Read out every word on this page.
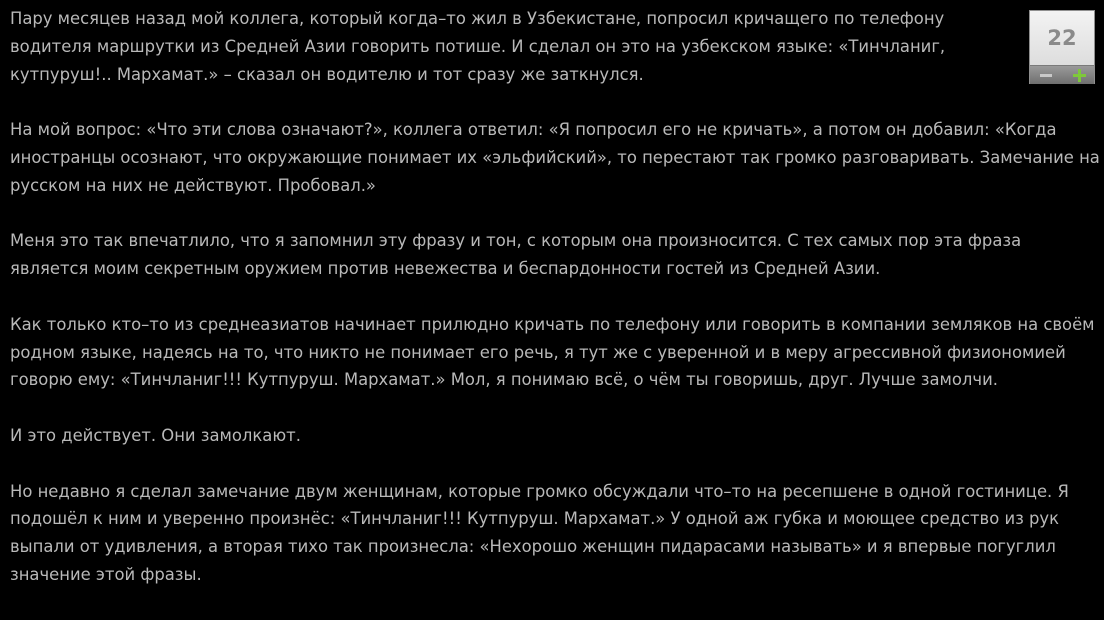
Пару месяцев назад мой коллега, который когда–то жил в Узбекистане, попросил кричащего по телефону водителя маршрутки из Средней Азии говорить потише. И сделал он это на узбекском языке: «Тинчланиг, кутпуруш!.. Мархамат.» – сказал он водителю и тот сразу же заткнулся.

На мой вопрос: «Что эти слова означают?», коллега ответил: «Я попросил его не кричать», а потом он добавил: «Когда иностранцы осознают, что окружающие понимает их «эльфийский», то перестают так громко разговаривать. Замечание на русском на них не действуют. Пробовал.»

Меня это так впечатлило, что я запомнил эту фразу и тон, с которым она произносится. С тех самых пор эта фраза является моим секретным оружием против невежества и беспардонности гостей из Средней Азии.

Как только кто–то из среднеазиатов начинает прилюдно кричать по телефону или говорить в компании земляков на своём родном языке, надеясь на то, что никто не понимает его речь, я тут же с уверенной и в меру агрессивной физиономией говорю ему: «Тинчланиг!!! Кутпуруш. Мархамат.» Мол, я понимаю всё, о чём ты говоришь, друг. Лучше замолчи.

И это действует. Они замолкают.

Но недавно я сделал замечание двум женщинам, которые громко обсуждали что–то на ресепшене в одной гостинице. Я подошёл к ним и уверенно произнёс: «Тинчланиг!!! Кутпуруш. Мархамат.» У одной аж губка и моющее средство из рук выпали от удивления, а вторая тихо так произнесла: «Нехорошо женщин пидарасами называть» и я впервые погуглил значение этой фразы.

22
